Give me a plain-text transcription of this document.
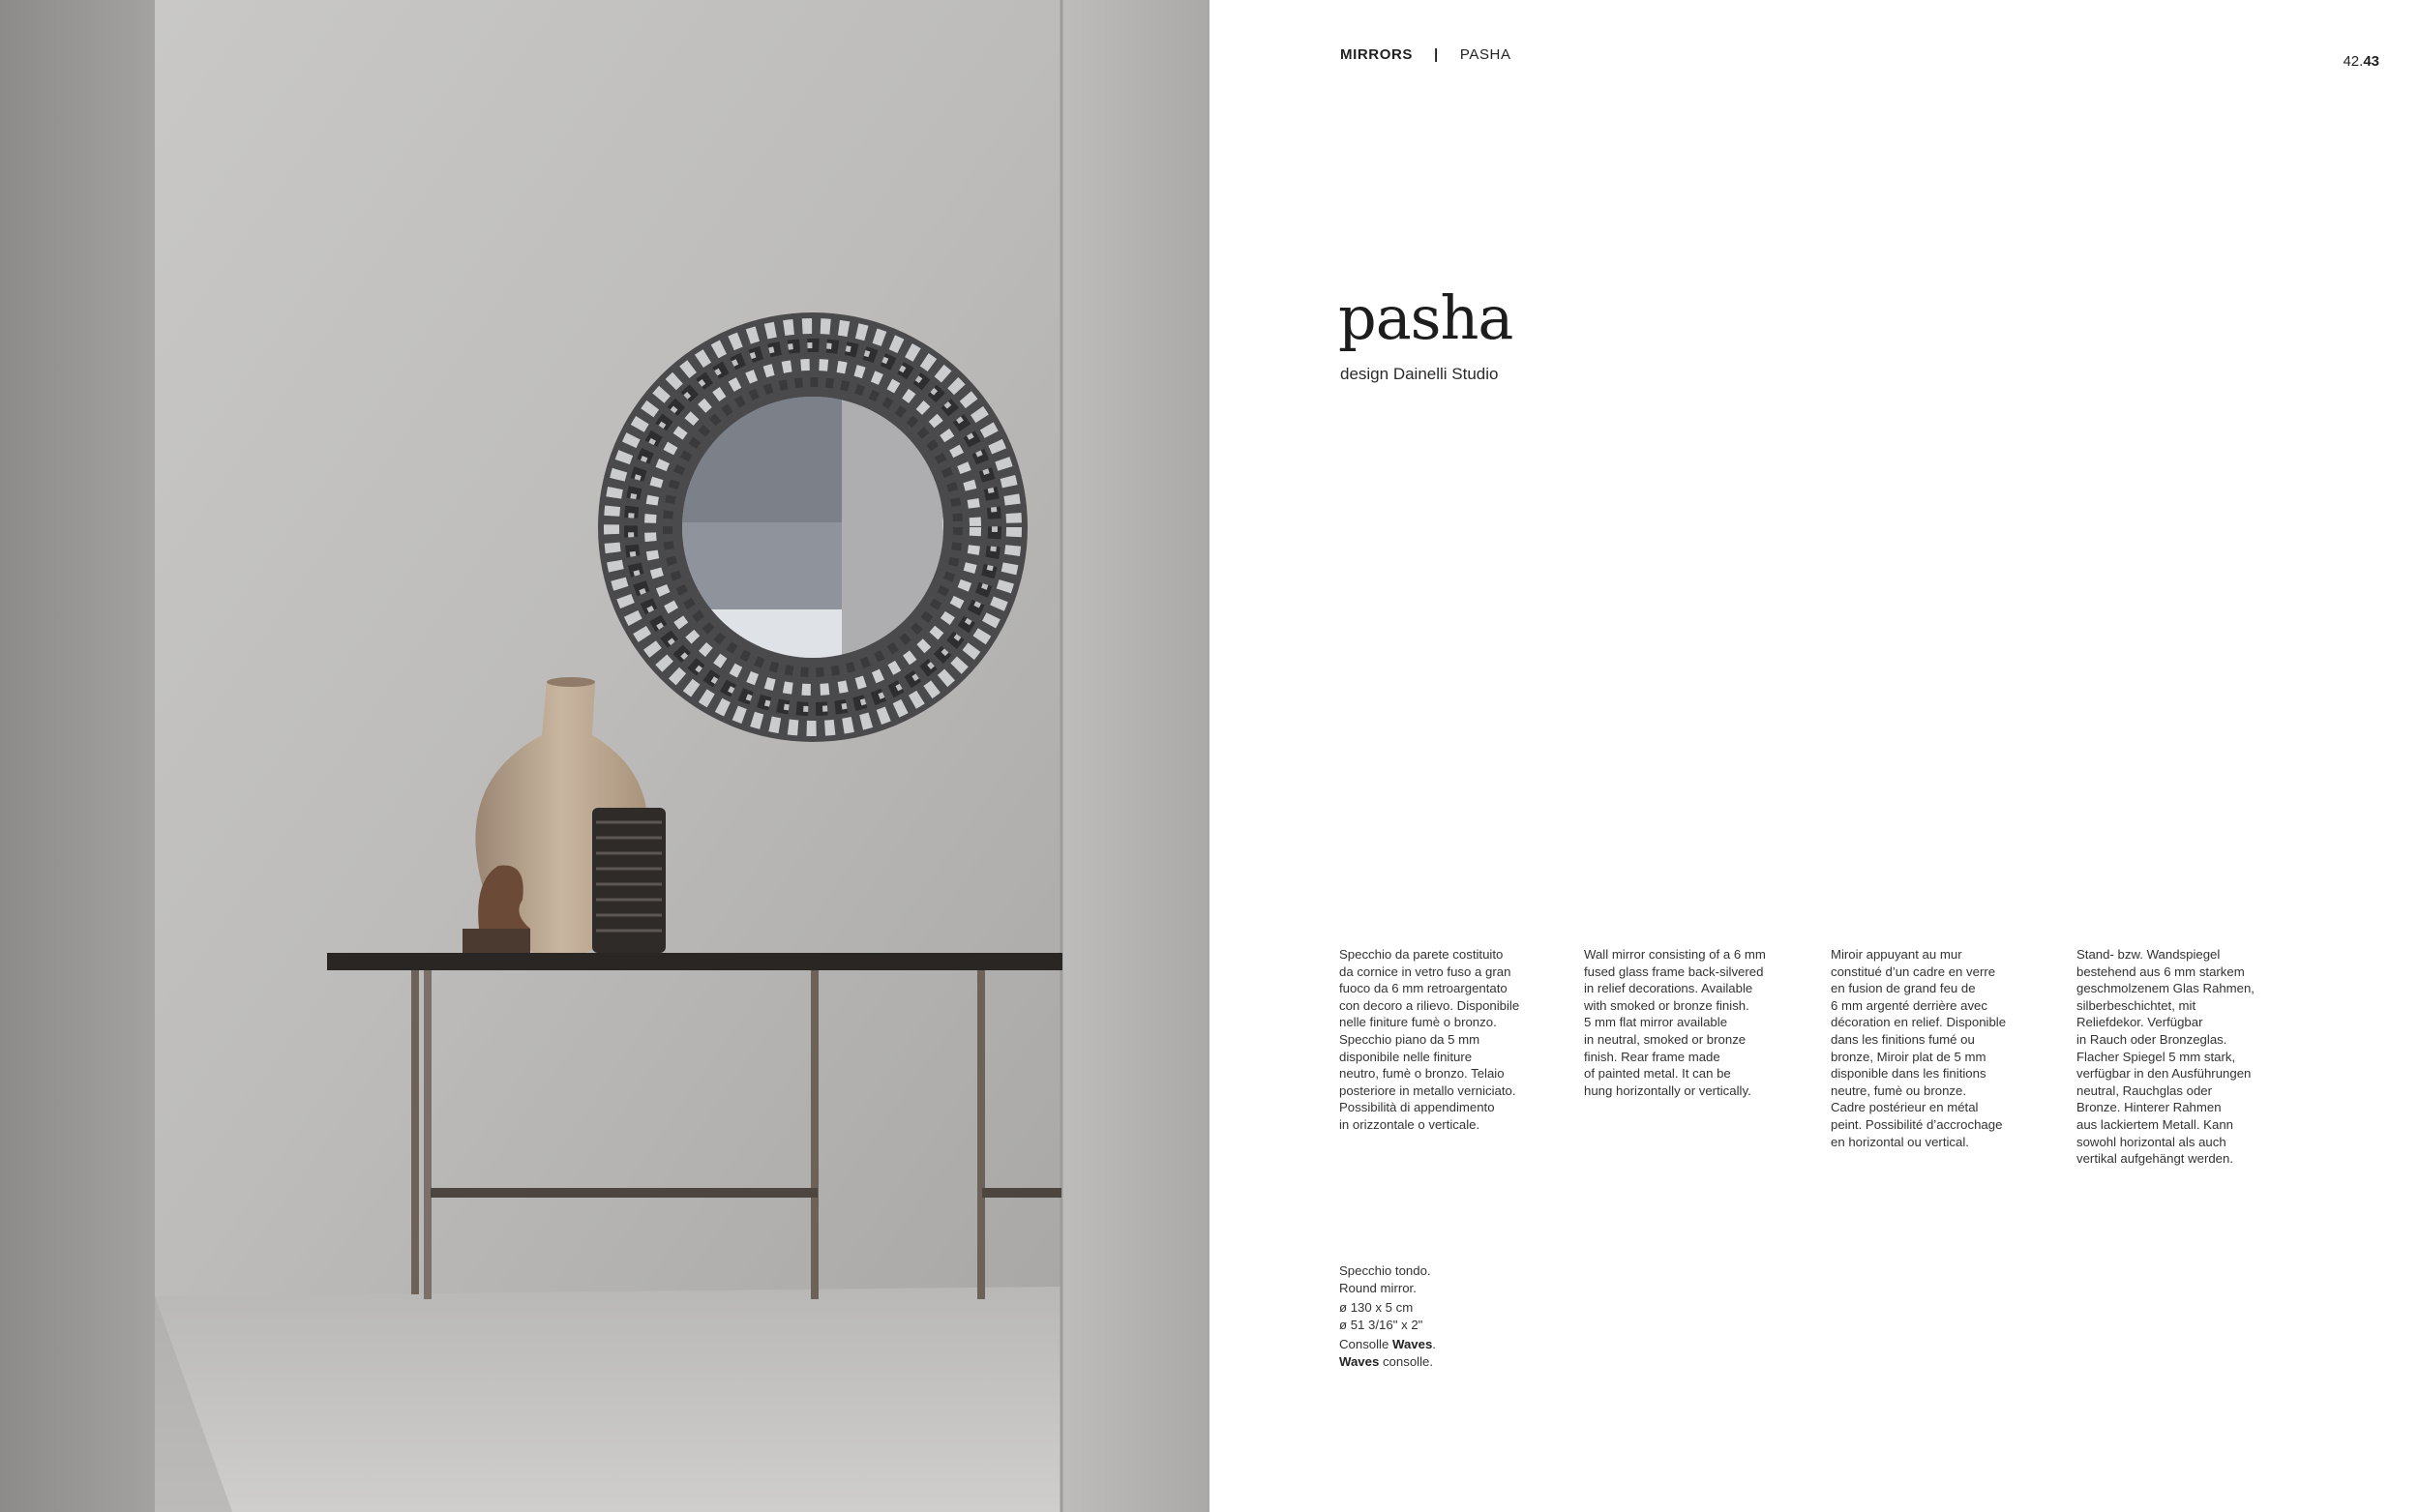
MIRRORS | PASHA	42.43
pasha
design Dainelli Studio
Specchio da parete costituito
da cornice in vetro fuso a gran
fuoco da 6 mm retroargentato
con decoro a rilievo. Disponibile
nelle finiture fumè o bronzo.
Specchio piano da 5 mm
disponibile nelle finiture
neutro, fumè o bronzo. Telaio
posteriore in metallo verniciato.
Possibilità di appendimento
in orizzontale o verticale.
Wall mirror consisting of a 6 mm
fused glass frame back-silvered
in relief decorations. Available
with smoked or bronze finish.
5 mm flat mirror available
in neutral, smoked or bronze
finish. Rear frame made
of painted metal. It can be
hung horizontally or vertically.
Miroir appuyant au mur
constitué d’un cadre en verre
en fusion de grand feu de
6 mm argenté derrière avec
décoration en relief. Disponible
dans les finitions fumé ou
bronze, Miroir plat de 5 mm
disponible dans les finitions
neutre, fumè ou bronze.
Cadre postérieur en métal
peint. Possibilité d’accrochage
en horizontal ou vertical.
Stand- bzw. Wandspiegel
bestehend aus 6 mm starkem
geschmolzenem Glas Rahmen,
silberbeschichtet, mit
Reliefdekor. Verfügbar
in Rauch oder Bronzeglas.
Flacher Spiegel 5 mm stark,
verfügbar in den Ausführungen
neutral, Rauchglas oder
Bronze. Hinterer Rahmen
aus lackiertem Metall. Kann
sowohl horizontal als auch
vertikal aufgehängt werden.
Specchio tondo.
Round mirror.
ø 130 x 5 cm
ø 51 3/16" x 2"
Consolle Waves.
Waves consolle.
